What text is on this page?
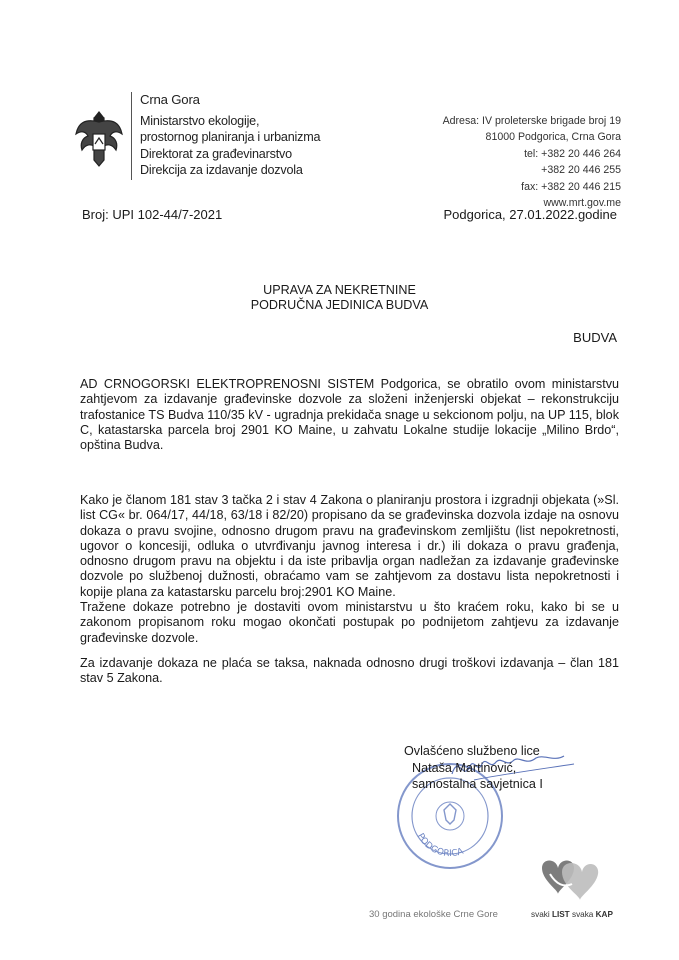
Crna Gora
Ministarstvo ekologije,
prostornog planiranja i urbanizma
Direktorat za građevinarstvo
Direkcija za izdavanje dozvola
Adresa: IV proleterske brigade broj 19
81000 Podgorica, Crna Gora
tel: +382 20 446 264
+382 20 446 255
fax: +382 20 446 215
www.mrt.gov.me
Broj: UPI 102-44/7-2021	Podgorica, 27.01.2022.godine
UPRAVA ZA NEKRETNINE
PODRUČNA JEDINICA BUDVA
BUDVA
AD CRNOGORSKI ELEKTROPRENOSNI SISTEM Podgorica, se obratilo ovom ministarstvu zahtjevom za izdavanje građevinske dozvole za složeni inženjerski objekat – rekonstrukciju trafostanice TS Budva 110/35 kV - ugradnja prekidača snage u sekcionom polju, na UP 115, blok C, katastarska parcela broj 2901 KO Maine, u zahvatu Lokalne studije lokacije „Milino Brdo“, opština Budva.
Kako je članom 181 stav 3 tačka 2 i stav 4 Zakona o planiranju prostora i izgradnji objekata (»Sl. list CG« br. 064/17, 44/18, 63/18 i 82/20) propisano da se građevinska dozvola izdaje na osnovu dokaza o pravu svojine, odnosno drugom pravu na građevinskom zemljištu (list nepokretnosti, ugovor o koncesiji, odluka o utvrđivanju javnog interesa i dr.) ili dokaza o pravu građenja, odnosno drugom pravu na objektu i da iste pribavlja organ nadležan za izdavanje građevinske dozvole po službenoj dužnosti, obraćamo vam se zahtjevom za dostavu lista nepokretnosti i kopije plana za katastarsku parcelu broj:2901 KO Maine.
Tražene dokaze potrebno je dostaviti ovom ministarstvu u što kraćem roku, kako bi se u zakonom propisanom roku mogao okončati postupak po podnijetom zahtjevu za izdavanje građevinske dozvole.
Za izdavanje dokaza ne plaća se taksa, naknada odnosno drugi troškovi izdavanja – član 181 stav 5 Zakona.
PODGORICA
Ovlašćeno službeno lice
Nataša Martinović,
samostalna savjetnica I
30 godina ekološke Crne Gore	svaki LIST svaka KAP
